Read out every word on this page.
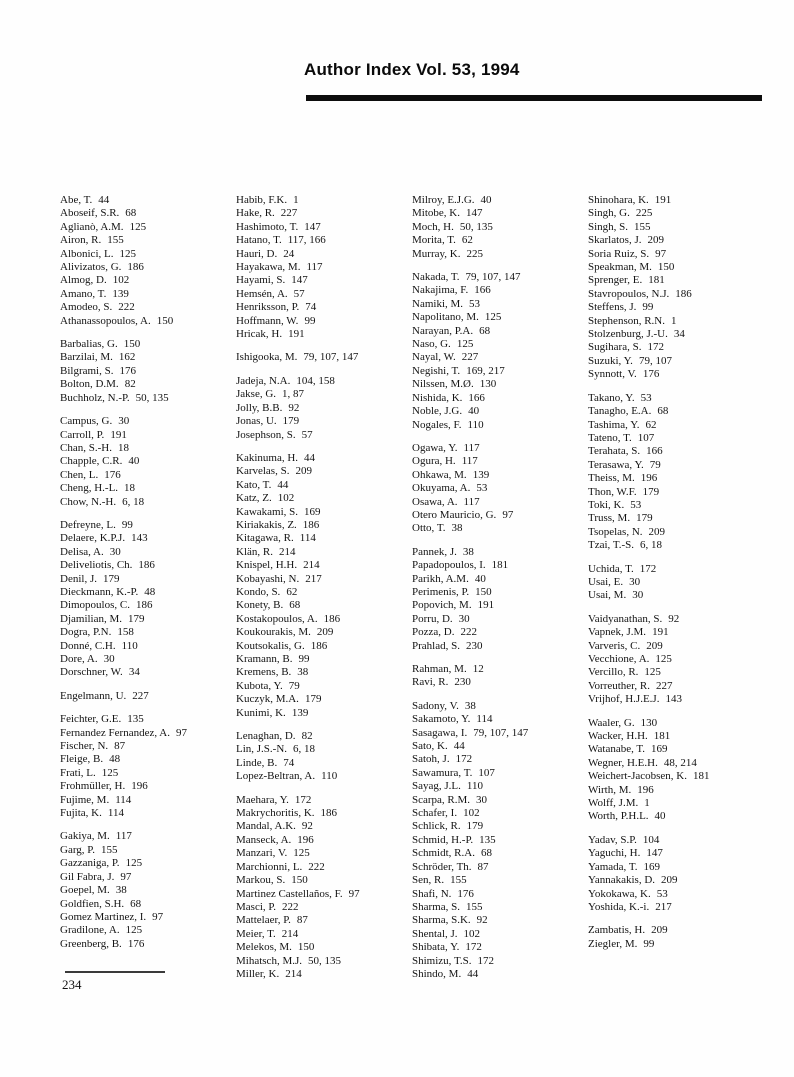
Author Index Vol. 53, 1994
Abe, T. 44
Aboseif, S.R. 68
Aglianò, A.M. 125
Airon, R. 155
Albonici, L. 125
Alivizatos, G. 186
Almog, D. 102
Amano, T. 139
Amodeo, S. 222
Athanassopoulos, A. 150
Barbalias, G. 150
Barzilai, M. 162
Bilgrami, S. 176
Bolton, D.M. 82
Buchholz, N.-P. 50, 135
Campus, G. 30
Carroll, P. 191
Chan, S.-H. 18
Chapple, C.R. 40
Chen, L. 176
Cheng, H.-L. 18
Chow, N.-H. 6, 18
Defreyne, L. 99
Delaere, K.P.J. 143
Delisa, A. 30
Deliveliotis, Ch. 186
Denil, J. 179
Dieckmann, K.-P. 48
Dimopoulos, C. 186
Djamilian, M. 179
Dogra, P.N. 158
Donné, C.H. 110
Dore, A. 30
Dorschner, W. 34
Engelmann, U. 227
Feichter, G.E. 135
Fernandez Fernandez, A. 97
Fischer, N. 87
Fleige, B. 48
Frati, L. 125
Frohmüller, H. 196
Fujime, M. 114
Fujita, K. 114
Gakiya, M. 117
Garg, P. 155
Gazzaniga, P. 125
Gil Fabra, J. 97
Goepel, M. 38
Goldfien, S.H. 68
Gomez Martinez, I. 97
Gradilone, A. 125
Greenberg, B. 176
Habib, F.K. 1
Hake, R. 227
Hashimoto, T. 147
Hatano, T. 117, 166
Hauri, D. 24
Hayakawa, M. 117
Hayami, S. 147
Hemsén, A. 57
Henriksson, P. 74
Hoffmann, W. 99
Hricak, H. 191
Ishigooka, M. 79, 107, 147
Jadeja, N.A. 104, 158
Jakse, G. 1, 87
Jolly, B.B. 92
Jonas, U. 179
Josephson, S. 57
Kakinuma, H. 44
Karvelas, S. 209
Kato, T. 44
Katz, Z. 102
Kawakami, S. 169
Kiriakakis, Z. 186
Kitagawa, R. 114
Klän, R. 214
Knispel, H.H. 214
Kobayashi, N. 217
Kondo, S. 62
Konety, B. 68
Kostakopoulos, A. 186
Koukourakis, M. 209
Koutsokalis, G. 186
Kramann, B. 99
Kremens, B. 38
Kubota, Y. 79
Kuczyk, M.A. 179
Kunimi, K. 139
Lenaghan, D. 82
Lin, J.S.-N. 6, 18
Linde, B. 74
Lopez-Beltran, A. 110
Maehara, Y. 172
Makrychoritis, K. 186
Mandal, A.K. 92
Manseck, A. 196
Manzari, V. 125
Marchionni, L. 222
Markou, S. 150
Martinez Castellaños, F. 97
Masci, P. 222
Mattelaer, P. 87
Meier, T. 214
Melekos, M. 150
Mihatsch, M.J. 50, 135
Miller, K. 214
Milroy, E.J.G. 40
Mitobe, K. 147
Moch, H. 50, 135
Morita, T. 62
Murray, K. 225
Nakada, T. 79, 107, 147
Nakajima, F. 166
Namiki, M. 53
Napolitano, M. 125
Narayan, P.A. 68
Naso, G. 125
Nayal, W. 227
Negishi, T. 169, 217
Nilssen, M.Ø. 130
Nishida, K. 166
Noble, J.G. 40
Nogales, F. 110
Ogawa, Y. 117
Ogura, H. 117
Ohkawa, M. 139
Okuyama, A. 53
Osawa, A. 117
Otero Mauricio, G. 97
Otto, T. 38
Pannek, J. 38
Papadopoulos, I. 181
Parikh, A.M. 40
Perimenis, P. 150
Popovich, M. 191
Porru, D. 30
Pozza, D. 222
Prahlad, S. 230
Rahman, M. 12
Ravi, R. 230
Sadony, V. 38
Sakamoto, Y. 114
Sasagawa, I. 79, 107, 147
Sato, K. 44
Satoh, J. 172
Sawamura, T. 107
Sayag, J.L. 110
Scarpa, R.M. 30
Schafer, I. 102
Schlick, R. 179
Schmid, H.-P. 135
Schmidt, R.A. 68
Schröder, Th. 87
Sen, R. 155
Shafi, N. 176
Sharma, S. 155
Sharma, S.K. 92
Shental, J. 102
Shibata, Y. 172
Shimizu, T.S. 172
Shindo, M. 44
Shinohara, K. 191
Singh, G. 225
Singh, S. 155
Skarlatos, J. 209
Soria Ruiz, S. 97
Speakman, M. 150
Sprenger, E. 181
Stavropoulos, N.J. 186
Steffens, J. 99
Stephenson, R.N. 1
Stolzenburg, J.-U. 34
Sugihara, S. 172
Suzuki, Y. 79, 107
Synnott, V. 176
Takano, Y. 53
Tanagho, E.A. 68
Tashima, Y. 62
Tateno, T. 107
Terahata, S. 166
Terasawa, Y. 79
Theiss, M. 196
Thon, W.F. 179
Toki, K. 53
Truss, M. 179
Tsopelas, N. 209
Tzai, T.-S. 6, 18
Uchida, T. 172
Usai, E. 30
Usai, M. 30
Vaidyanathan, S. 92
Vapnek, J.M. 191
Varveris, C. 209
Vecchione, A. 125
Vercillo, R. 125
Vorreuther, R. 227
Vrijhof, H.J.E.J. 143
Waaler, G. 130
Wacker, H.H. 181
Watanabe, T. 169
Wegner, H.E.H. 48, 214
Weichert-Jacobsen, K. 181
Wirth, M. 196
Wolff, J.M. 1
Worth, P.H.L. 40
Yadav, S.P. 104
Yaguchi, H. 147
Yamada, T. 169
Yannakakis, D. 209
Yokokawa, K. 53
Yoshida, K.-i. 217
Zambatis, H. 209
Ziegler, M. 99
234
